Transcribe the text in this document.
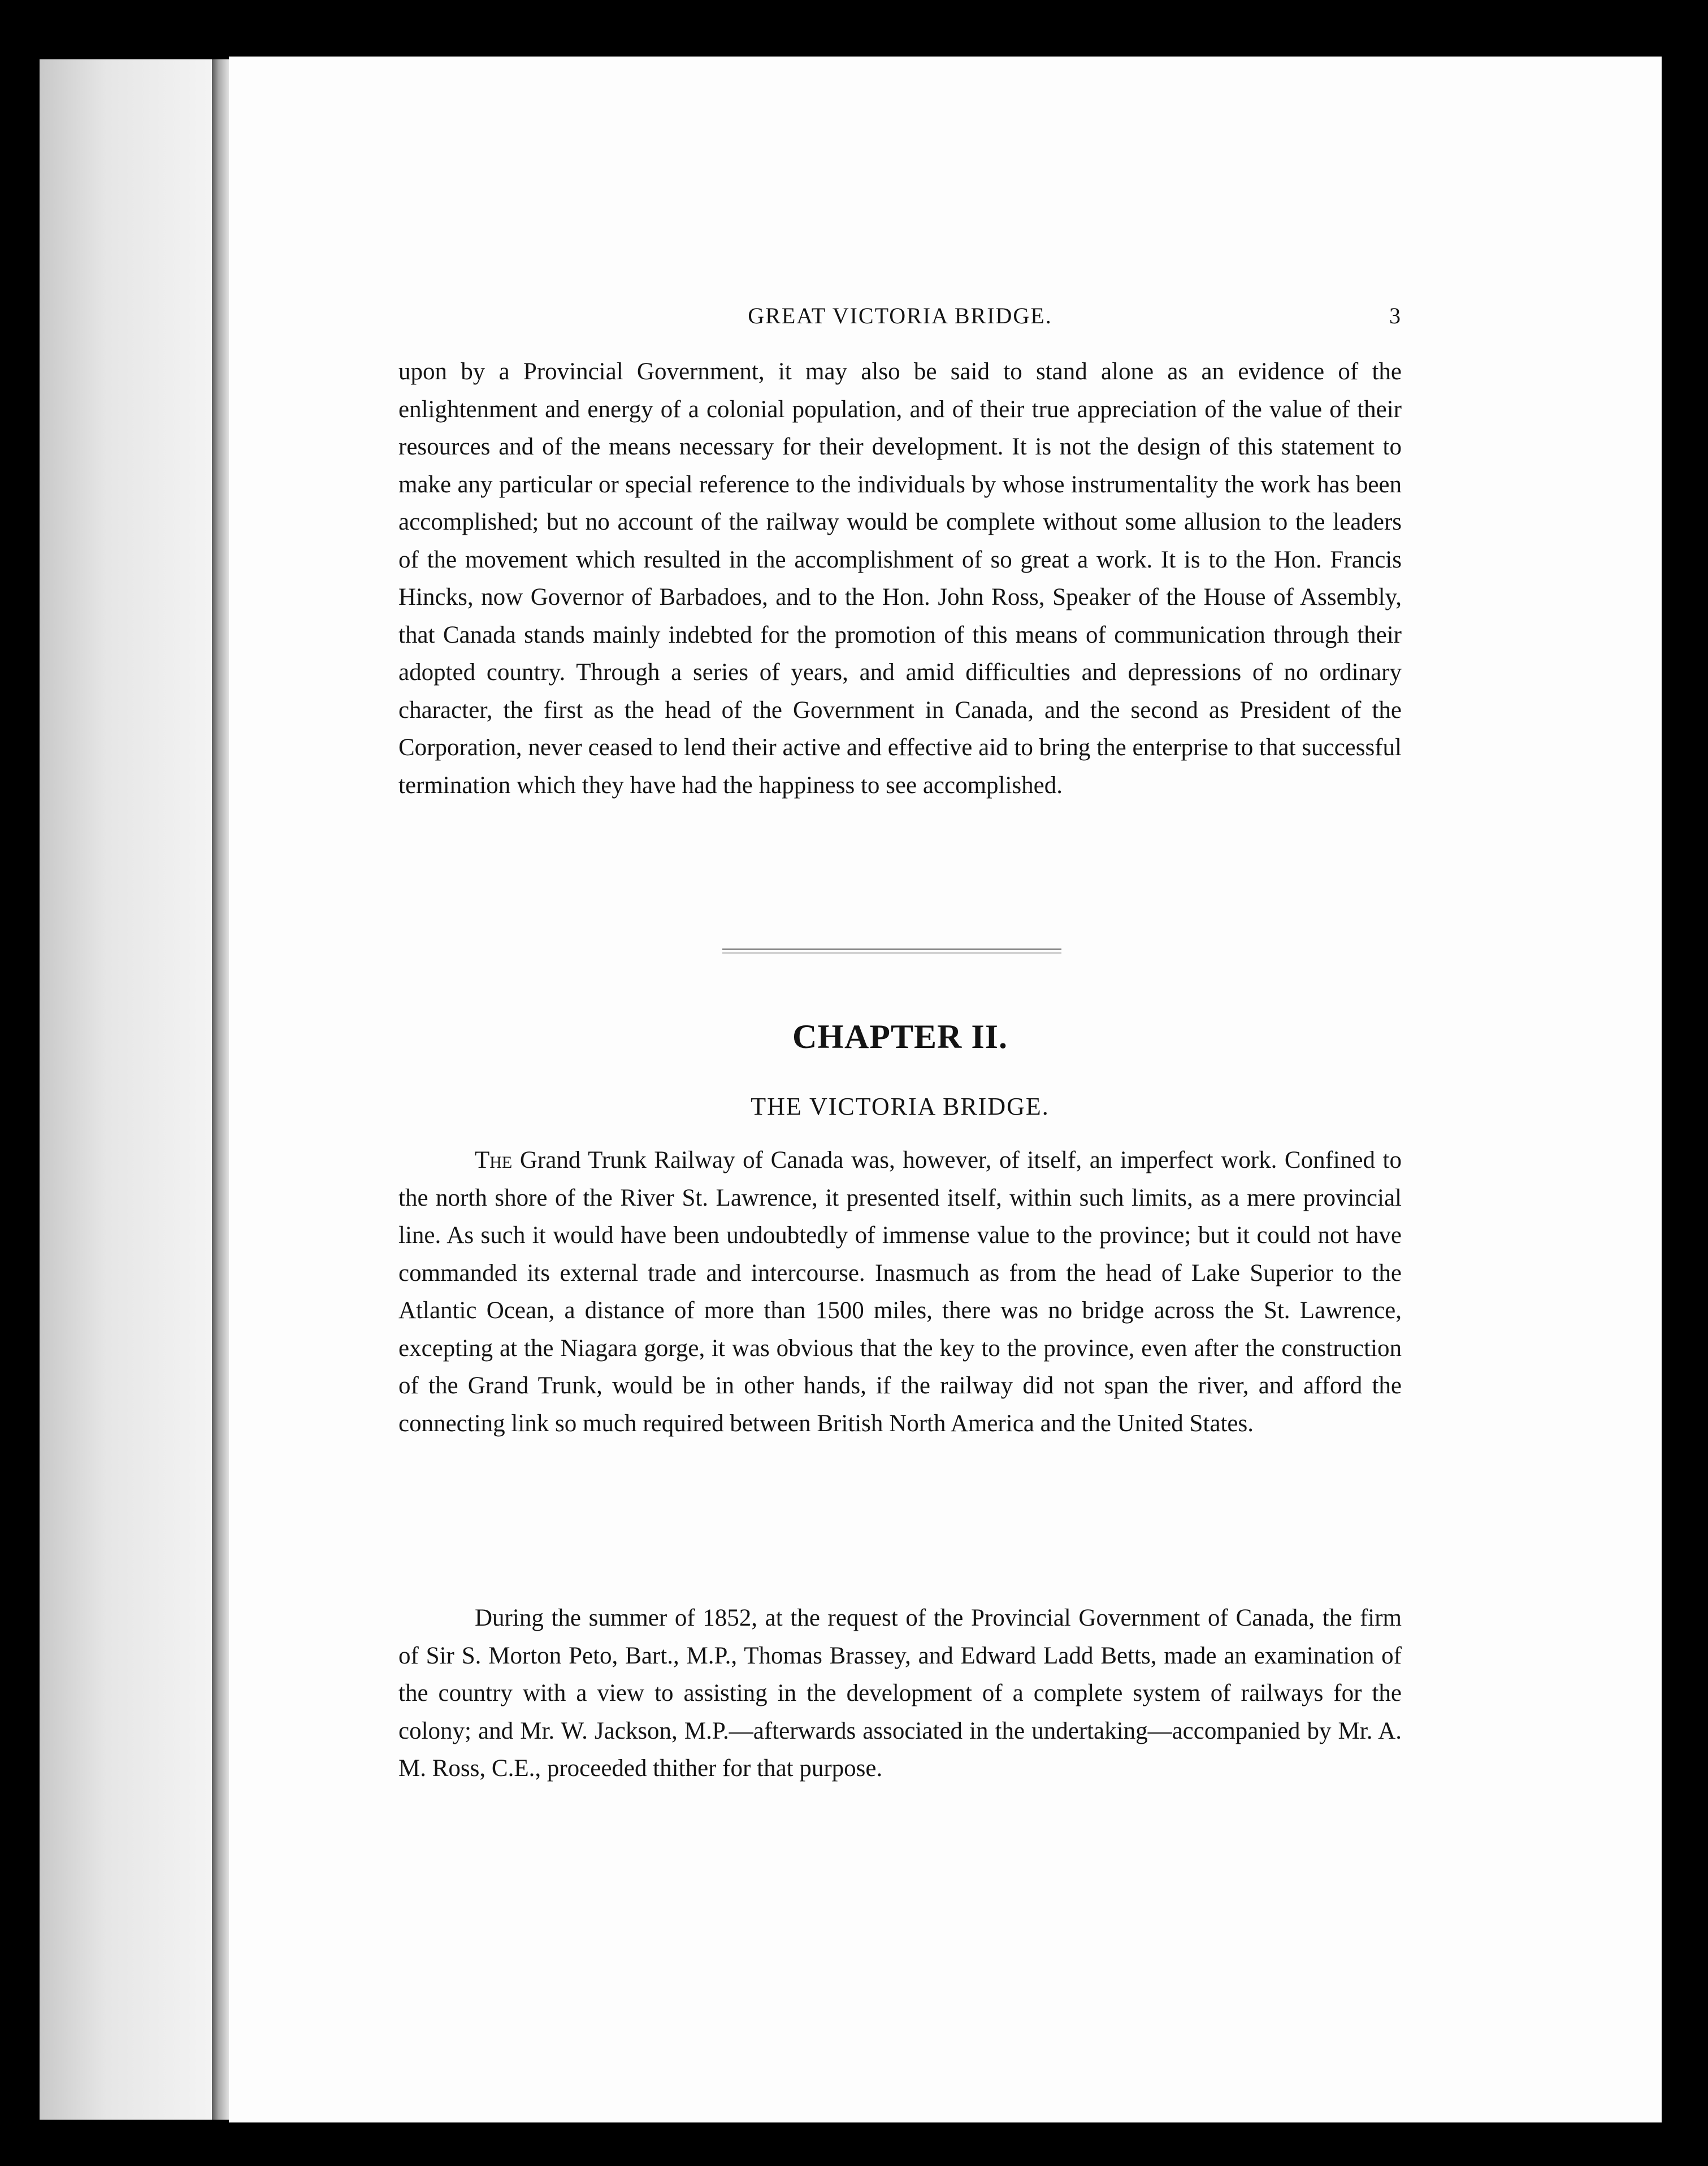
GREAT VICTORIA BRIDGE.	3

upon by a Provincial Government, it may also be said to stand alone as an evidence of the enlightenment and energy of a colonial population, and of their true appreciation of the value of their resources and of the means necessary for their development. It is not the design of this statement to make any particular or special reference to the individuals by whose instrumentality the work has been accomplished; but no account of the railway would be complete without some allusion to the leaders of the movement which resulted in the accomplishment of so great a work. It is to the Hon. Francis Hincks, now Governor of Barbadoes, and to the Hon. John Ross, Speaker of the House of Assembly, that Canada stands mainly indebted for the promotion of this means of communication through their adopted country. Through a series of years, and amid difficulties and depressions of no ordinary character, the first as the head of the Government in Canada, and the second as President of the Corporation, never ceased to lend their active and effective aid to bring the enterprise to that successful termination which they have had the happiness to see accomplished.

CHAPTER II.
THE VICTORIA BRIDGE.

The Grand Trunk Railway of Canada was, however, of itself, an imperfect work. Confined to the north shore of the River St. Lawrence, it presented itself, within such limits, as a mere provincial line. As such it would have been undoubtedly of immense value to the province; but it could not have commanded its external trade and intercourse. Inasmuch as from the head of Lake Superior to the Atlantic Ocean, a distance of more than 1500 miles, there was no bridge across the St. Lawrence, excepting at the Niagara gorge, it was obvious that the key to the province, even after the construction of the Grand Trunk, would be in other hands, if the railway did not span the river, and afford the connecting link so much required between British North America and the United States.

During the summer of 1852, at the request of the Provincial Government of Canada, the firm of Sir S. Morton Peto, Bart., M.P., Thomas Brassey, and Edward Ladd Betts, made an examination of the country with a view to assisting in the development of a complete system of railways for the colony; and Mr. W. Jackson, M.P.—afterwards associated in the undertaking—accompanied by Mr. A. M. Ross, C.E., proceeded thither for that purpose.
